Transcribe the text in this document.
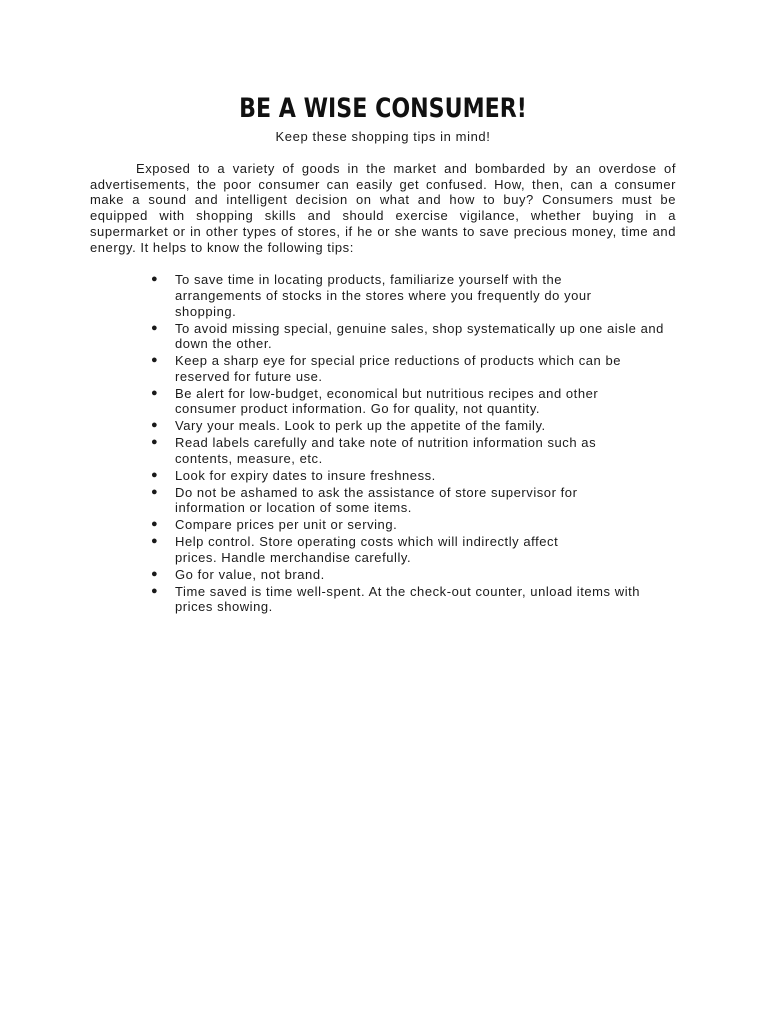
BE A WISE CONSUMER!

Keep these shopping tips in mind!

Exposed to a variety of goods in the market and bombarded by an overdose of advertisements, the poor consumer can easily get confused. How, then, can a consumer make a sound and intelligent decision on what and how to buy? Consumers must be equipped with shopping skills and should exercise vigilance, whether buying in a supermarket or in other types of stores, if he or she wants to save precious money, time and energy. It helps to know the following tips:

● To save time in locating products, familiarize yourself with the arrangements of stocks in the stores where you frequently do your shopping.
● To avoid missing special, genuine sales, shop systematically up one aisle and down the other.
● Keep a sharp eye for special price reductions of products which can be reserved for future use.
● Be alert for low-budget, economical but nutritious recipes and other consumer product information. Go for quality, not quantity.
● Vary your meals. Look to perk up the appetite of the family.
● Read labels carefully and take note of nutrition information such as contents, measure, etc.
● Look for expiry dates to insure freshness.
● Do not be ashamed to ask the assistance of store supervisor for information or location of some items.
● Compare prices per unit or serving.
● Help control. Store operating costs which will indirectly affect prices. Handle merchandise carefully.
● Go for value, not brand.
● Time saved is time well-spent. At the check-out counter, unload items with prices showing.
